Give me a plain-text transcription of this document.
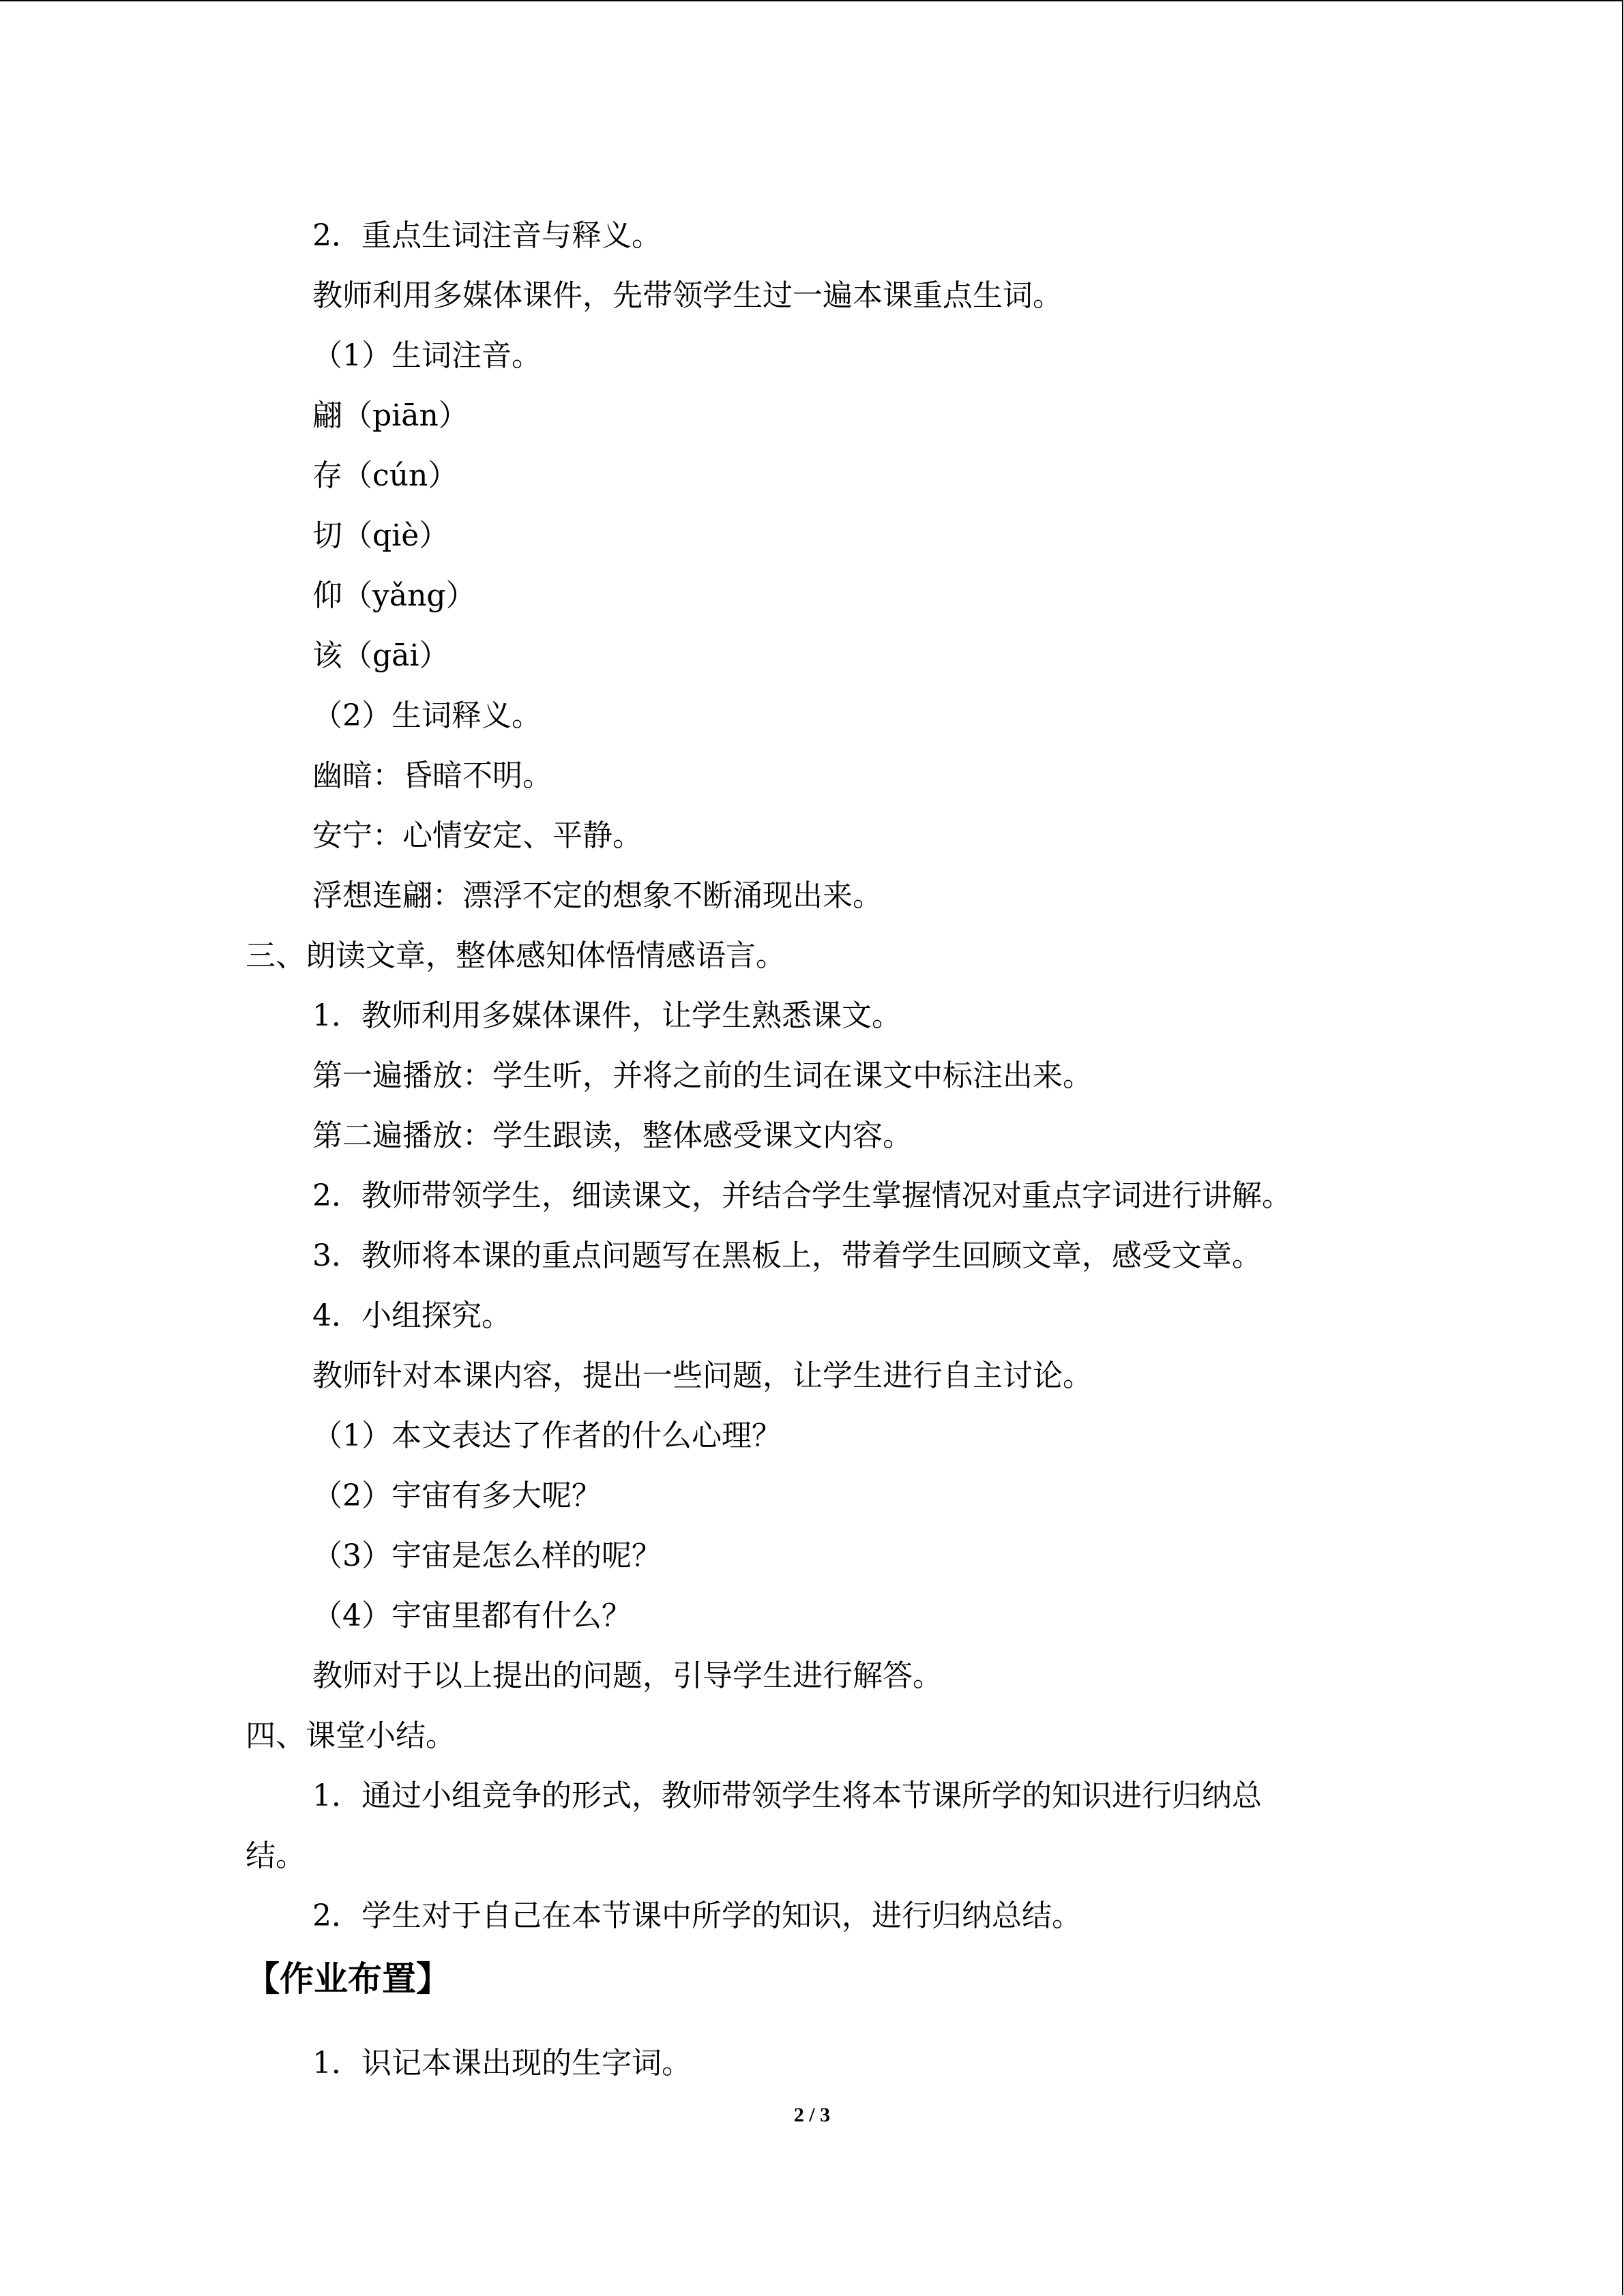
2．重点生词注音与释义。
教师利用多媒体课件，先带领学生过一遍本课重点生词。
（1）生词注音。
翩（piān）
存（cún）
切（qiè）
仰（yǎng）
该（gāi）
（2）生词释义。
幽暗：昏暗不明。
安宁：心情安定、平静。
浮想连翩：漂浮不定的想象不断涌现出来。
三、朗读文章，整体感知体悟情感语言。
1．教师利用多媒体课件，让学生熟悉课文。
第一遍播放：学生听，并将之前的生词在课文中标注出来。
第二遍播放：学生跟读，整体感受课文内容。
2．教师带领学生，细读课文，并结合学生掌握情况对重点字词进行讲解。
3．教师将本课的重点问题写在黑板上，带着学生回顾文章，感受文章。
4．小组探究。
教师针对本课内容，提出一些问题，让学生进行自主讨论。
（1）本文表达了作者的什么心理？
（2）宇宙有多大呢？
（3）宇宙是怎么样的呢？
（4）宇宙里都有什么？
教师对于以上提出的问题，引导学生进行解答。
四、课堂小结。
1．通过小组竞争的形式，教师带领学生将本节课所学的知识进行归纳总
结。
2．学生对于自己在本节课中所学的知识，进行归纳总结。
【作业布置】
1．识记本课出现的生字词。
2 / 3
